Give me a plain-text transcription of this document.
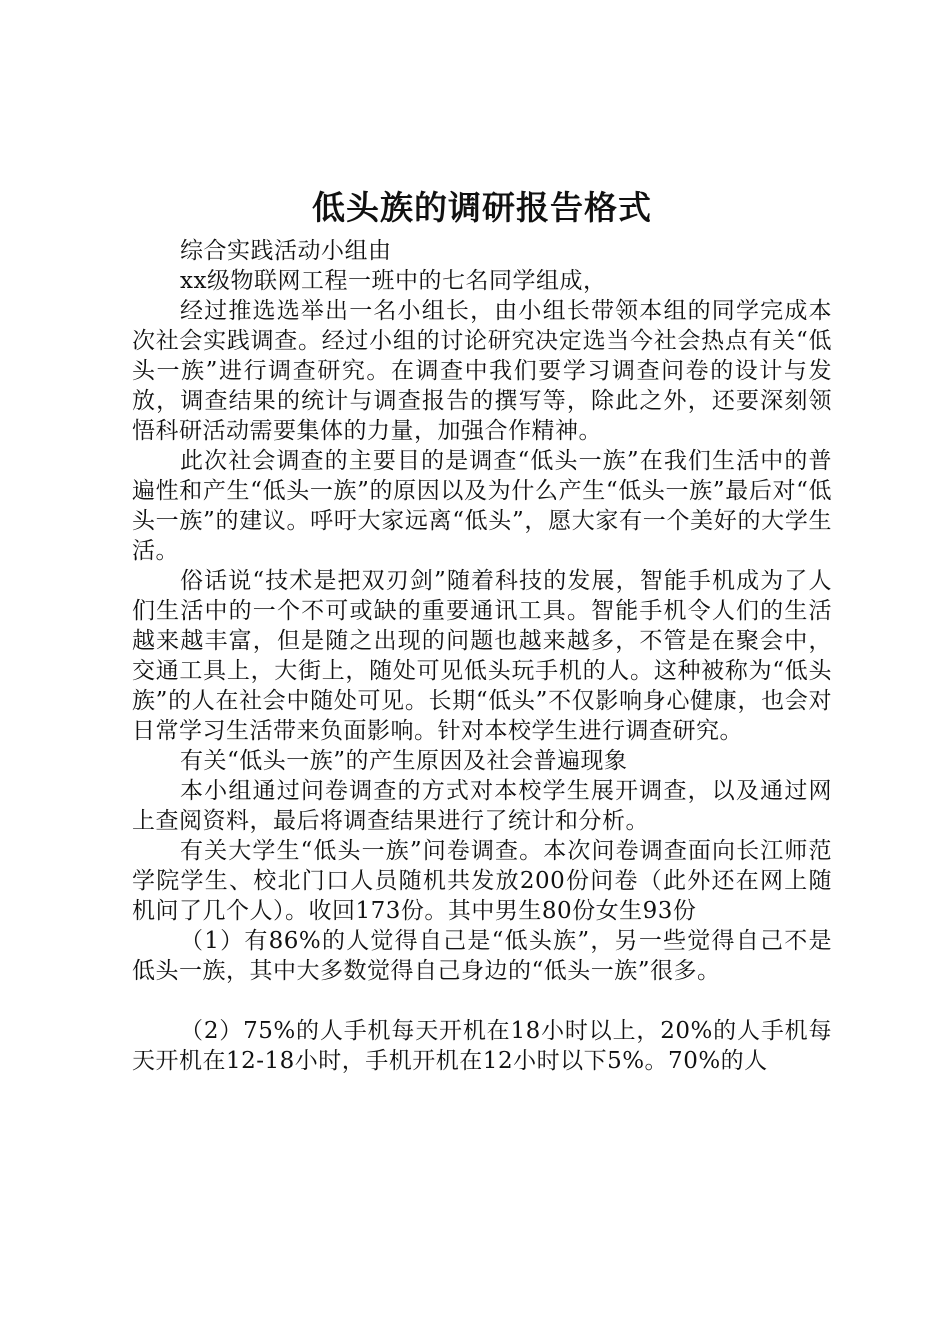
低头族的调研报告格式

综合实践活动小组由

xx级物联网工程一班中的七名同学组成，

经过推选选举出一名小组长，由小组长带领本组的同学完成本次社会实践调查。经过小组的讨论研究决定选当今社会热点有关“低头一族”进行调查研究。在调查中我们要学习调查问卷的设计与发放，调查结果的统计与调查报告的撰写等，除此之外，还要深刻领悟科研活动需要集体的力量，加强合作精神。

此次社会调查的主要目的是调查“低头一族”在我们生活中的普遍性和产生“低头一族”的原因以及为什么产生“低头一族”最后对“低头一族”的建议。呼吁大家远离“低头”，愿大家有一个美好的大学生活。

俗话说“技术是把双刃剑”随着科技的发展，智能手机成为了人们生活中的一个不可或缺的重要通讯工具。智能手机令人们的生活越来越丰富，但是随之出现的问题也越来越多，不管是在聚会中，交通工具上，大街上，随处可见低头玩手机的人。这种被称为“低头族”的人在社会中随处可见。长期“低头”不仅影响身心健康，也会对日常学习生活带来负面影响。针对本校学生进行调查研究。

有关“低头一族”的产生原因及社会普遍现象

本小组通过问卷调查的方式对本校学生展开调查，以及通过网上查阅资料，最后将调查结果进行了统计和分析。

有关大学生“低头一族”问卷调查。本次问卷调查面向长江师范学院学生、校北门口人员随机共发放200份问卷（此外还在网上随机问了几个人）。收回173份。其中男生80份女生93份

（1）有86%的人觉得自己是“低头族”，另一些觉得自己不是低头一族，其中大多数觉得自己身边的“低头一族”很多。

（2）75%的人手机每天开机在18小时以上，20%的人手机每天开机在12-18小时，手机开机在12小时以下5%。70%的人
